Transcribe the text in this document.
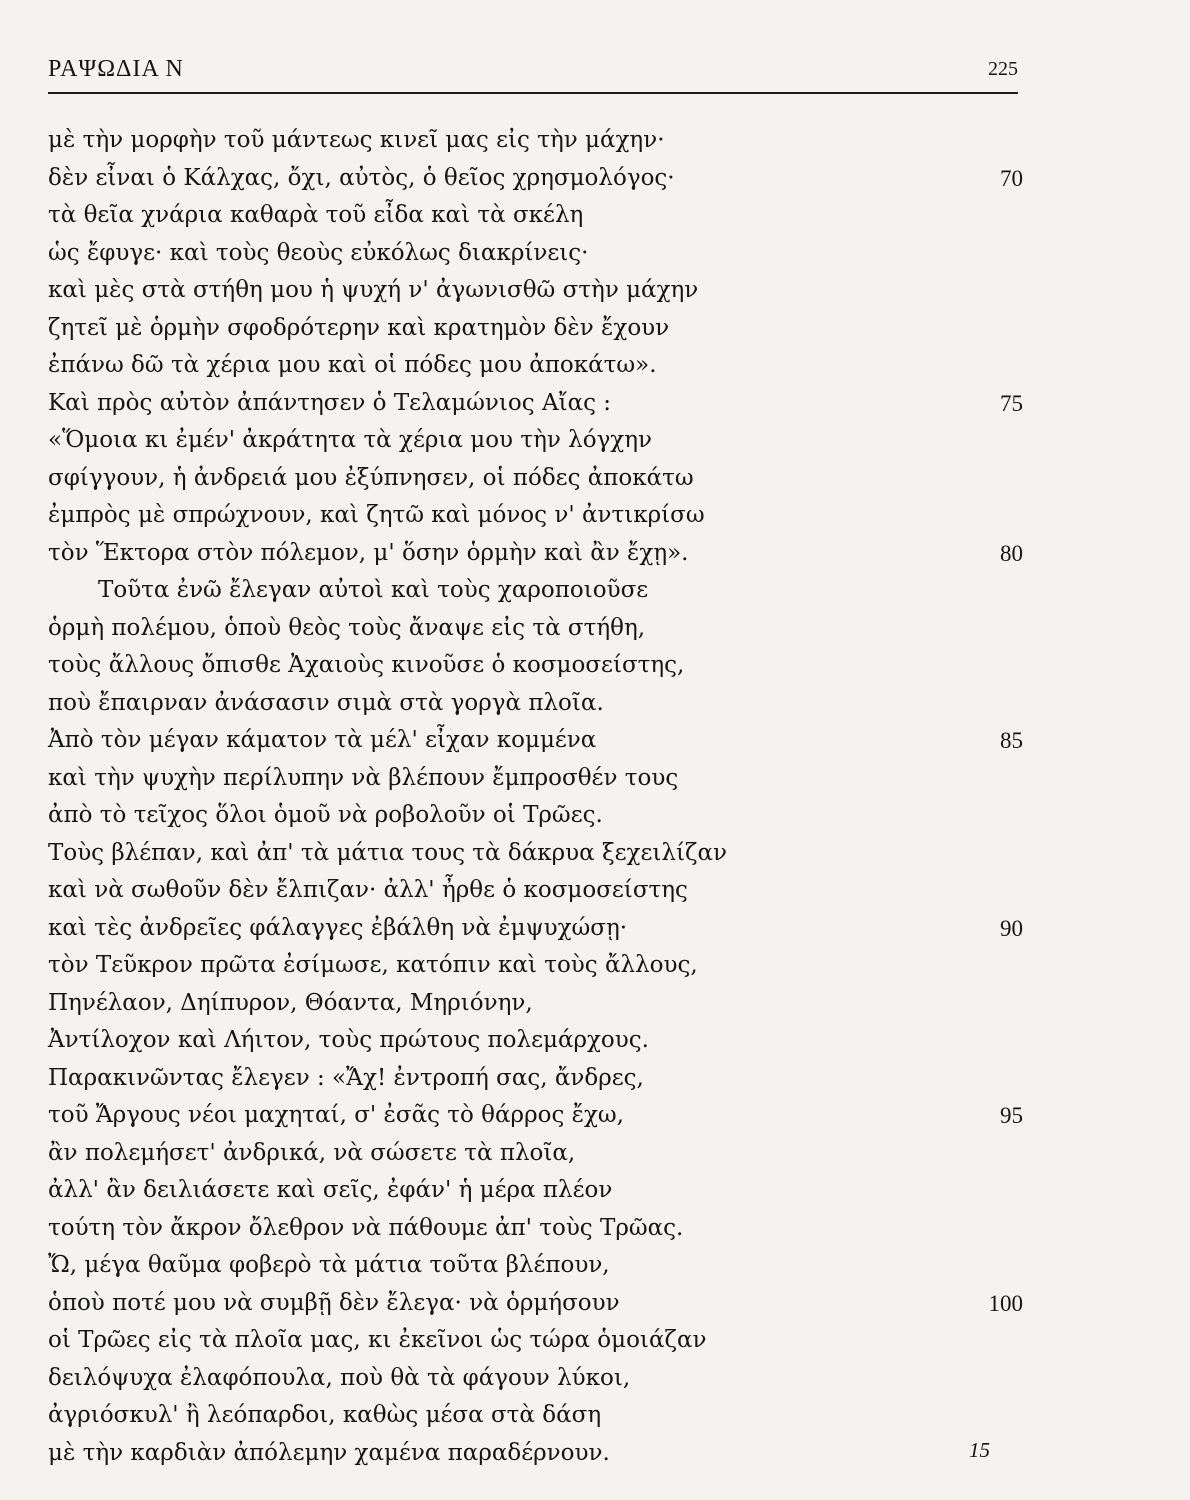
ΡΑΨΩΔΙΑ Ν	225
μὲ τὴν μορφὴν τοῦ μάντεως κινεῖ μας εἰς τὴν μάχην·
δὲν εἶναι ὁ Κάλχας, ὄχι, αὐτὸς, ὁ θεῖος χρησμολόγος·	70
τὰ θεῖα χνάρια καθαρὰ τοῦ εἶδα καὶ τὰ σκέλη
ὡς ἔφυγε· καὶ τοὺς θεοὺς εὐκόλως διακρίνεις·
καὶ μὲς στὰ στήθη μου ἡ ψυχή ν' ἀγωνισθῶ στὴν μάχην
ζητεῖ μὲ ὁρμὴν σφοδρότερην καὶ κρατημὸν δὲν ἔχουν
ἐπάνω δῶ τὰ χέρια μου καὶ οἱ πόδες μου ἀποκάτω».
Καὶ πρὸς αὐτὸν ἀπάντησεν ὁ Τελαμώνιος Αἴας :	75
«Ὅμοια κι ἐμέν' ἀκράτητα τὰ χέρια μου τὴν λόγχην
σφίγγουν, ἡ ἀνδρειά μου ἐξύπνησεν, οἱ πόδες ἀποκάτω
ἐμπρὸς μὲ σπρώχνουν, καὶ ζητῶ καὶ μόνος ν' ἀντικρίσω
τὸν Ἕκτορα στὸν πόλεμον, μ' ὅσην ὁρμὴν καὶ ἂν ἔχῃ».	80
Τοῦτα ἐνῶ ἔλεγαν αὐτοὶ καὶ τοὺς χαροποιοῦσε
ὁρμὴ πολέμου, ὁποὺ θεὸς τοὺς ἄναψε εἰς τὰ στήθη,
τοὺς ἄλλους ὄπισθε Ἀχαιοὺς κινοῦσε ὁ κοσμοσείστης,
ποὺ ἔπαιρναν ἀνάσασιν σιμὰ στὰ γοργὰ πλοῖα.
Ἀπὸ τὸν μέγαν κάματον τὰ μέλ' εἶχαν κομμένα	85
καὶ τὴν ψυχὴν περίλυπην νὰ βλέπουν ἔμπροσθέν τους
ἀπὸ τὸ τεῖχος ὅλοι ὁμοῦ νὰ ροβολοῦν οἱ Τρῶες.
Τοὺς βλέπαν, καὶ ἀπ' τὰ μάτια τους τὰ δάκρυα ξεχειλίζαν
καὶ νὰ σωθοῦν δὲν ἔλπιζαν· ἀλλ' ἦρθε ὁ κοσμοσείστης
καὶ τὲς ἀνδρεῖες φάλαγγες ἐβάλθη νὰ ἐμψυχώσῃ·	90
τὸν Τεῦκρον πρῶτα ἐσίμωσε, κατόπιν καὶ τοὺς ἄλλους,
Πηνέλαον, Δηίπυρον, Θόαντα, Μηριόνην,
Ἀντίλοχον καὶ Λήιτον, τοὺς πρώτους πολεμάρχους.
Παρακινῶντας ἔλεγεν : «Ἄχ! ἐντροπή σας, ἄνδρες,
τοῦ Ἄργους νέοι μαχηταί, σ' ἐσᾶς τὸ θάρρος ἔχω,	95
ἂν πολεμήσετ' ἀνδρικά, νὰ σώσετε τὰ πλοῖα,
ἀλλ' ἂν δειλιάσετε καὶ σεῖς, ἐφάν' ἡ μέρα πλέον
τούτη τὸν ἄκρον ὄλεθρον νὰ πάθουμε ἀπ' τοὺς Τρῶας.
Ὤ, μέγα θαῦμα φοβερὸ τὰ μάτια τοῦτα βλέπουν,
ὁποὺ ποτέ μου νὰ συμβῇ δὲν ἔλεγα· νὰ ὁρμήσουν	100
οἱ Τρῶες εἰς τὰ πλοῖα μας, κι ἐκεῖνοι ὡς τώρα ὁμοιάζαν
δειλόψυχα ἐλαφόπουλα, ποὺ θὰ τὰ φάγουν λύκοι,
ἀγριόσκυλ' ἢ λεόπαρδοι, καθὼς μέσα στὰ δάση
μὲ τὴν καρδιὰν ἀπόλεμην χαμένα παραδέρνουν.	15
